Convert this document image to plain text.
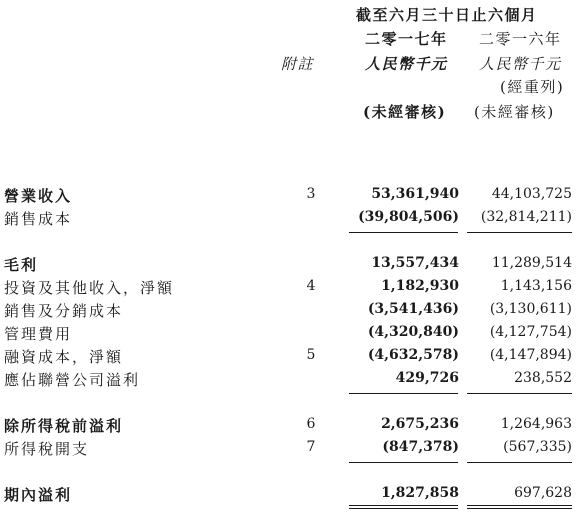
截至六月三十日止六個月
二零一七年 二零一六年
附註	人民幣千元 人民幣千元
(經重列)
(未經審核) (未經審核)
營業收入	3	53,361,940 44,103,725
銷售成本	(39,804,506) (32,814,211)
毛利	13,557,434 11,289,514
投資及其他收入，淨額	4	1,182,930	1,143,156
銷售及分銷成本	(3,541,436) (3,130,611)
管理費用	(4,320,840) (4,127,754)
融資成本，淨額	5	(4,632,578) (4,147,894)
應佔聯營公司溢利	429,726	238,552
除所得稅前溢利	6	2,675,236	1,264,963
所得稅開支	7	(847,378)	(567,335)
期內溢利	1,827,858	697,628
